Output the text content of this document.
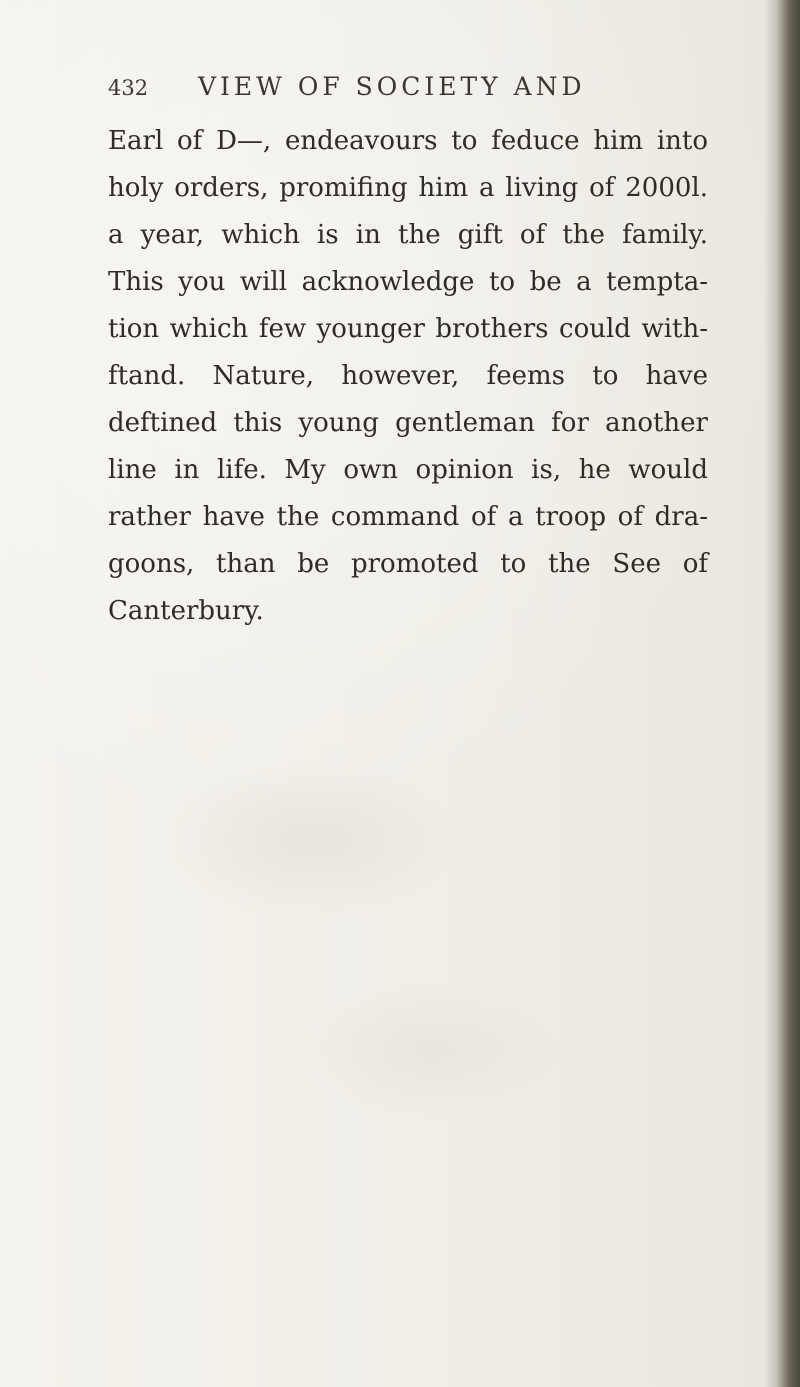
432 VIEW OF SOCIETY AND
Earl of D—, endeavours to feduce him into
holy orders, promifing him a living of 2000l.
a year, which is in the gift of the family.
This you will acknowledge to be a tempta-
tion which few younger brothers could with-
ftand. Nature, however, feems to have
deftined this young gentleman for another
line in life. My own opinion is, he would
rather have the command of a troop of dra-
goons, than be promoted to the See of
Canterbury.
